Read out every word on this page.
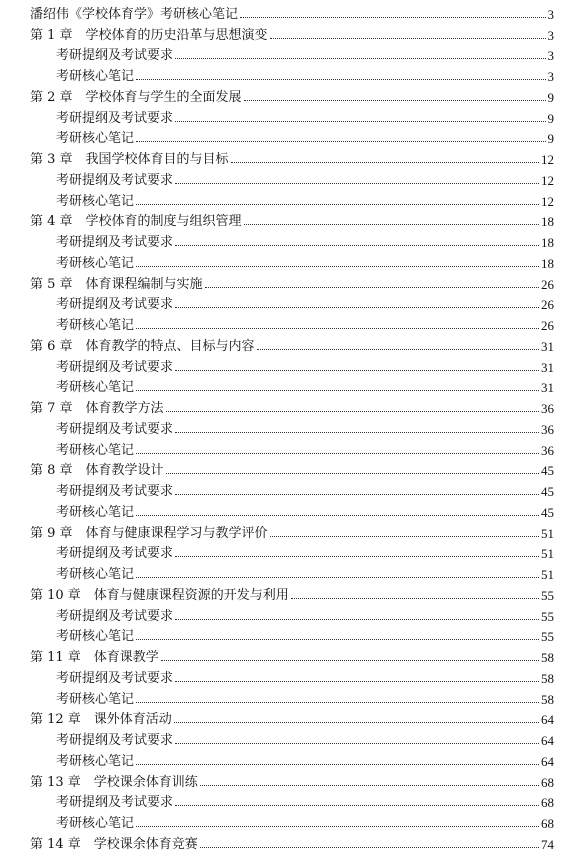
潘绍伟《学校体育学》考研核心笔记	3
第 1 章　学校体育的历史沿革与思想演变	3
考研提纲及考试要求	3
考研核心笔记	3
第 2 章　学校体育与学生的全面发展	9
考研提纲及考试要求	9
考研核心笔记	9
第 3 章　我国学校体育目的与目标	12
考研提纲及考试要求	12
考研核心笔记	12
第 4 章　学校体育的制度与组织管理	18
考研提纲及考试要求	18
考研核心笔记	18
第 5 章　体育课程编制与实施	26
考研提纲及考试要求	26
考研核心笔记	26
第 6 章　体育教学的特点、目标与内容	31
考研提纲及考试要求	31
考研核心笔记	31
第 7 章　体育教学方法	36
考研提纲及考试要求	36
考研核心笔记	36
第 8 章　体育教学设计	45
考研提纲及考试要求	45
考研核心笔记	45
第 9 章　体育与健康课程学习与教学评价	51
考研提纲及考试要求	51
考研核心笔记	51
第 10 章　体育与健康课程资源的开发与利用	55
考研提纲及考试要求	55
考研核心笔记	55
第 11 章　体育课教学	58
考研提纲及考试要求	58
考研核心笔记	58
第 12 章　课外体育活动	64
考研提纲及考试要求	64
考研核心笔记	64
第 13 章　学校课余体育训练	68
考研提纲及考试要求	68
考研核心笔记	68
第 14 章　学校课余体育竞赛	74
